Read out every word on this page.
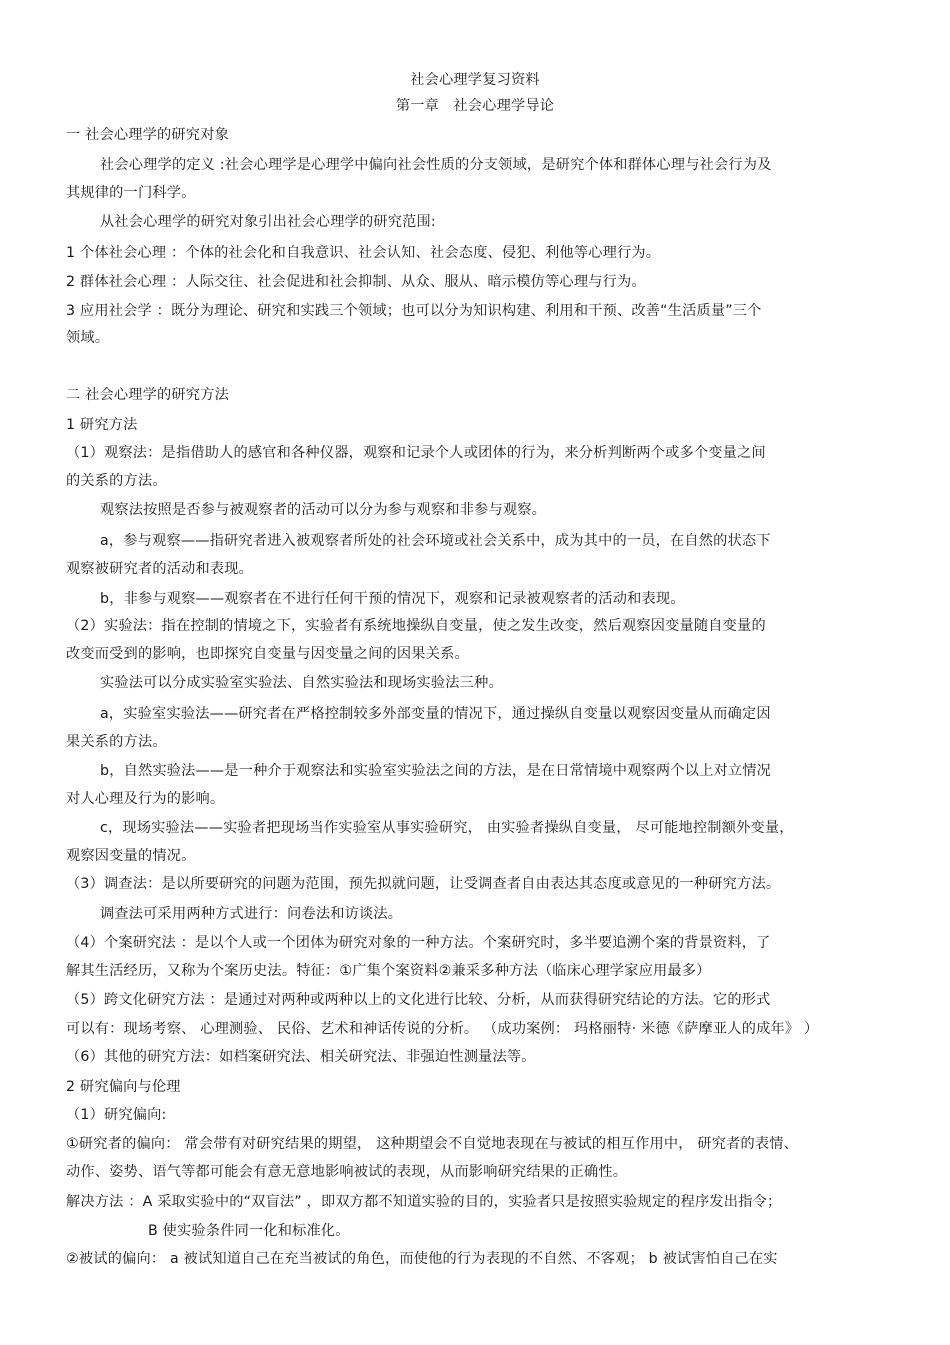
社会心理学复习资料
第一章　社会心理学导论
一 社会心理学的研究对象
社会心理学的定义 :社会心理学是心理学中偏向社会性质的分支领域，是研究个体和群体心理与社会行为及
其规律的一门科学。
从社会心理学的研究对象引出社会心理学的研究范围:
1 个体社会心理 ：个体的社会化和自我意识、社会认知、社会态度、侵犯、利他等心理行为。
2 群体社会心理 ：人际交往、社会促进和社会抑制、从众、服从、暗示模仿等心理与行为。
3 应用社会学 ：既分为理论、研究和实践三个领域；也可以分为知识构建、利用和干预、改善“生活质量”三个
领域。
二 社会心理学的研究方法
1 研究方法
（1）观察法：是指借助人的感官和各种仪器，观察和记录个人或团体的行为，来分析判断两个或多个变量之间
的关系的方法。
观察法按照是否参与被观察者的活动可以分为参与观察和非参与观察。
a，参与观察——指研究者进入被观察者所处的社会环境或社会关系中，成为其中的一员，在自然的状态下
观察被研究者的活动和表现。
b，非参与观察——观察者在不进行任何干预的情况下，观察和记录被观察者的活动和表现。
（2）实验法：指在控制的情境之下，实验者有系统地操纵自变量，使之发生改变，然后观察因变量随自变量的
改变而受到的影响，也即探究自变量与因变量之间的因果关系。
实验法可以分成实验室实验法、自然实验法和现场实验法三种。
a，实验室实验法——研究者在严格控制较多外部变量的情况下，通过操纵自变量以观察因变量从而确定因
果关系的方法。
b，自然实验法——是一种介于观察法和实验室实验法之间的方法，是在日常情境中观察两个以上对立情况
对人心理及行为的影响。
c，现场实验法——实验者把现场当作实验室从事实验研究， 由实验者操纵自变量， 尽可能地控制额外变量，
观察因变量的情况。
（3）调查法：是以所要研究的问题为范围，预先拟就问题，让受调查者自由表达其态度或意见的一种研究方法。
调查法可采用两种方式进行：问卷法和访谈法。
（4）个案研究法 ：是以个人或一个团体为研究对象的一种方法。个案研究时，多半要追溯个案的背景资料，了
解其生活经历，又称为个案历史法。特征：①广集个案资料②兼采多种方法（临床心理学家应用最多）
（5）跨文化研究方法 ：是通过对两种或两种以上的文化进行比较、分析，从而获得研究结论的方法。它的形式
可以有：现场考察、 心理测验、 民俗、艺术和神话传说的分析。 （成功案例： 玛格丽特· 米德《萨摩亚人的成年》 ）
（6）其他的研究方法：如档案研究法、相关研究法、非强迫性测量法等。
2 研究偏向与伦理
（1）研究偏向:
①研究者的偏向： 常会带有对研究结果的期望， 这种期望会不自觉地表现在与被试的相互作用中， 研究者的表情、
动作、姿势、语气等都可能会有意无意地影响被试的表现，从而影响研究结果的正确性。
解决方法 ：A 采取实验中的“双盲法” ，即双方都不知道实验的目的，实验者只是按照实验规定的程序发出指令；
B 使实验条件同一化和标准化。
②被试的偏向： a 被试知道自己在充当被试的角色，而使他的行为表现的不自然、不客观； b 被试害怕自己在实
